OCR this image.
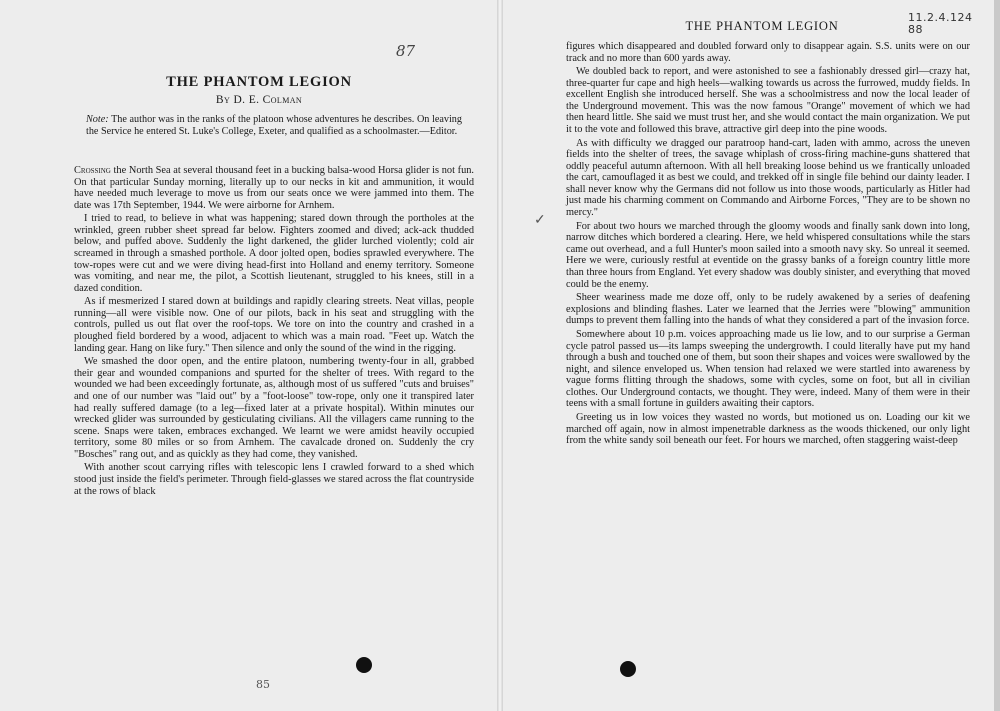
87
THE PHANTOM LEGION
By D. E. Colman

Note: The author was in the ranks of the platoon whose adventures he describes. On leaving the Service he entered St. Luke's College, Exeter, and qualified as a schoolmaster.—Editor.

Crossing the North Sea at several thousand feet in a bucking balsa-wood Horsa glider is not fun. On that particular Sunday morning, literally up to our necks in kit and ammunition, it would have needed much leverage to move us from our seats once we were jammed into them. The date was 17th September, 1944. We were airborne for Arnhem.

I tried to read, to believe in what was happening; stared down through the portholes at the wrinkled, green rubber sheet spread far below. Fighters zoomed and dived; ack-ack thudded below, and puffed above. Suddenly the light darkened, the glider lurched violently; cold air screamed in through a smashed porthole. A door jolted open, bodies sprawled everywhere. The tow-ropes were cut and we were diving head-first into Holland and enemy territory. Someone was vomiting, and near me, the pilot, a Scottish lieutenant, struggled to his knees, still in a dazed condition.

As if mesmerized I stared down at buildings and rapidly clearing streets. Neat villas, people running—all were visible now. One of our pilots, back in his seat and struggling with the controls, pulled us out flat over the roof-tops. We tore on into the country and crashed in a ploughed field bordered by a wood, adjacent to which was a main road. "Feet up. Watch the landing gear. Hang on like fury." Then silence and only the sound of the wind in the rigging.

We smashed the door open, and the entire platoon, numbering twenty-four in all, grabbed their gear and wounded companions and spurted for the shelter of trees. With regard to the wounded we had been exceedingly fortunate, as, although most of us suffered "cuts and bruises" and one of our number was "laid out" by a "foot-loose" tow-rope, only one it transpired later had really suffered damage (to a leg—fixed later at a private hospital). Within minutes our wrecked glider was surrounded by gesticulating civilians. All the villagers came running to the scene. Snaps were taken, embraces exchanged. We learnt we were amidst heavily occupied territory, some 80 miles or so from Arnhem. The cavalcade droned on. Suddenly the cry "Bosches" rang out, and as quickly as they had come, they vanished.

With another scout carrying rifles with telescopic lens I crawled forward to a shed which stood just inside the field's perimeter. Through field-glasses we stared across the flat countryside at the rows of black

85
THE PHANTOM LEGION

figures which disappeared and doubled forward only to disappear again. S.S. units were on our track and no more than 600 yards away.

We doubled back to report, and were astonished to see a fashionably dressed girl—crazy hat, three-quarter fur cape and high heels—walking towards us across the furrowed, muddy fields. In excellent English she introduced herself. She was a schoolmistress and now the local leader of the Underground movement. This was the now famous "Orange" movement of which we had then heard little. She said we must trust her, and she would contact the main organization. We put it to the vote and followed this brave, attractive girl deep into the pine woods.

As with difficulty we dragged our paratroop hand-cart, laden with ammo, across the uneven fields into the shelter of trees, the savage whiplash of cross-firing machine-guns shattered that oddly peaceful autumn afternoon. With all hell breaking loose behind us we frantically unloaded the cart, camouflaged it as best we could, and trekked off in single file behind our dainty leader. I shall never know why the Germans did not follow us into those woods, particularly as Hitler had just made his charming comment on Commando and Airborne Forces, "They are to be shown no mercy."

For about two hours we marched through the gloomy woods and finally sank down into long, narrow ditches which bordered a clearing. Here, we held whispered consultations while the stars came out overhead, and a full Hunter's moon sailed into a smooth navy sky. So unreal it seemed. Here we were, curiously restful at eventide on the grassy banks of a foreign country little more than three hours from England. Yet every shadow was doubly sinister, and everything that moved could be the enemy.

Sheer weariness made me doze off, only to be rudely awakened by a series of deafening explosions and blinding flashes. Later we learned that the Jerries were "blowing" ammunition dumps to prevent them falling into the hands of what they considered a part of the invasion force.

Somewhere about 10 p.m. voices approaching made us lie low, and to our surprise a German cycle patrol passed us—its lamps sweeping the undergrowth. I could literally have put my hand through a bush and touched one of them, but soon their shapes and voices were swallowed by the night, and silence enveloped us. When tension had relaxed we were startled into awareness by vague forms flitting through the shadows, some with cycles, some on foot, but all in civilian clothes. Our Underground contacts, we thought. They were, indeed. Many of them were in their teens with a small fortune in guilders awaiting their captors.

Greeting us in low voices they wasted no words, but motioned us on. Loading our kit we marched off again, now in almost impenetrable darkness as the woods thickened, our only light from the white sandy soil beneath our feet. For hours we marched, often staggering waist-deep

✓
11.2.4.124
88
